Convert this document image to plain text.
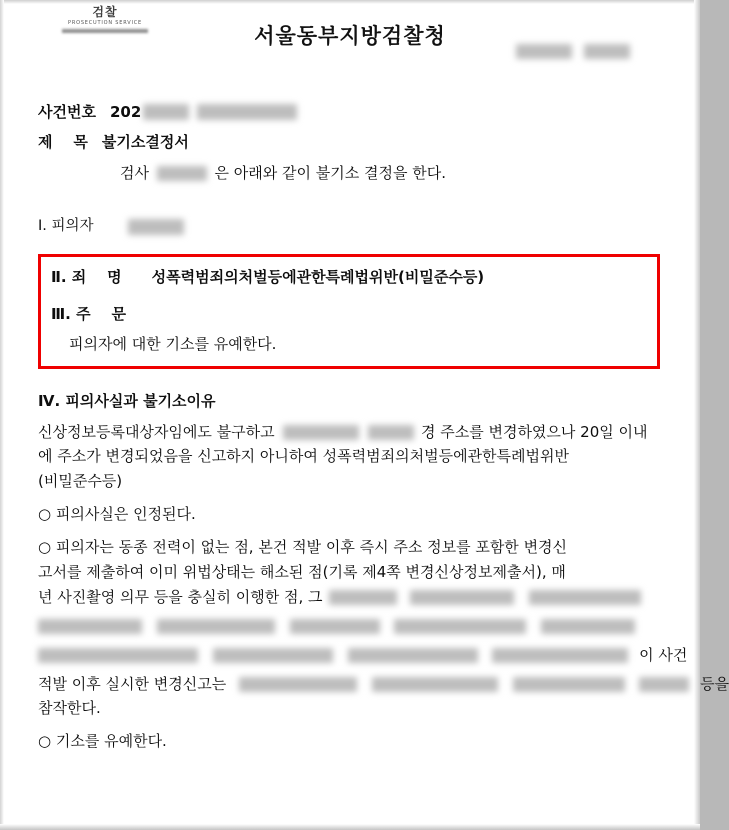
검찰
PROSECUTION SERVICE
서울동부지방검찰청
사건번호 202
제    목 불기소결정서
검사	은 아래와 같이 불기소 결정을 한다.
Ⅰ. 피의자
Ⅱ. 죄    명 성폭력범죄의처벌등에관한특례법위반(비밀준수등)
Ⅲ. 주    문
피의자에 대한 기소를 유예한다.
Ⅳ. 피의사실과 불기소이유
신상정보등록대상자임에도 불구하고	경 주소를 변경하였으나 20일 이내
에 주소가 변경되었음을 신고하지 아니하여 성폭력범죄의처벌등에관한특례법위반
(비밀준수등)
○ 피의사실은 인정된다.
○ 피의자는 동종 전력이 없는 점, 본건 적발 이후 즉시 주소 정보를 포함한 변경신
고서를 제출하여 이미 위법상태는 해소된 점(기록 제4쪽 변경신상정보제출서), 매
년 사진촬영 의무 등을 충실히 이행한 점, 그

이 사건
적발 이후 실시한 변경신고는	등을
참작한다.
○ 기소를 유예한다.
